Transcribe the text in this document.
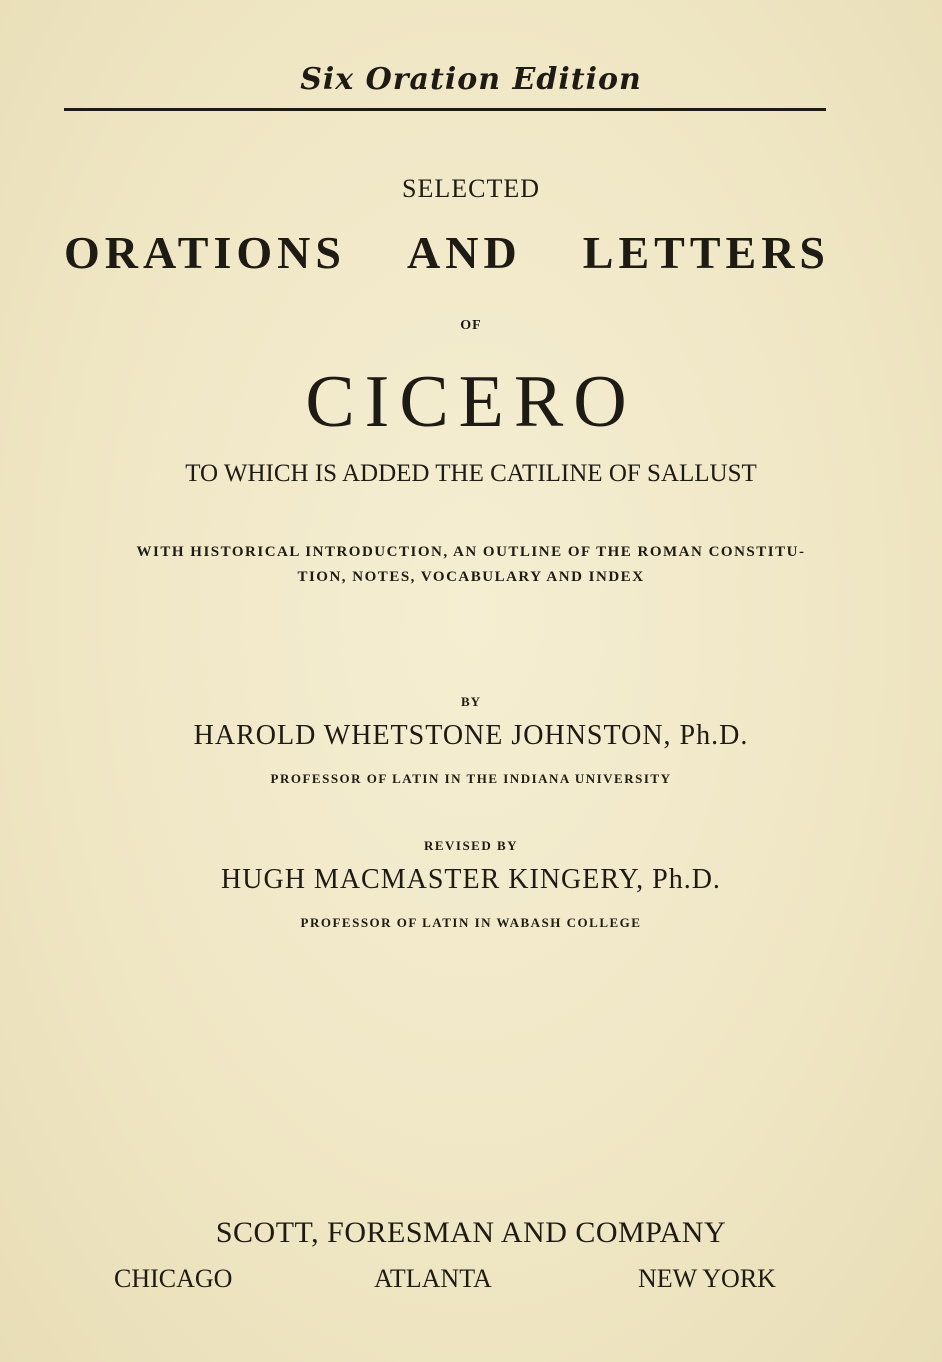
Six Oration Edition
SELECTED
ORATIONS AND LETTERS
OF
CICERO
TO WHICH IS ADDED THE CATILINE OF SALLUST
WITH HISTORICAL INTRODUCTION, AN OUTLINE OF THE ROMAN CONSTITU-
TION, NOTES, VOCABULARY AND INDEX
BY
HAROLD WHETSTONE JOHNSTON, Ph.D.
PROFESSOR OF LATIN IN THE INDIANA UNIVERSITY
REVISED BY
HUGH MACMASTER KINGERY, Ph.D.
PROFESSOR OF LATIN IN WABASH COLLEGE
SCOTT, FORESMAN AND COMPANY
CHICAGO	ATLANTA	NEW YORK
